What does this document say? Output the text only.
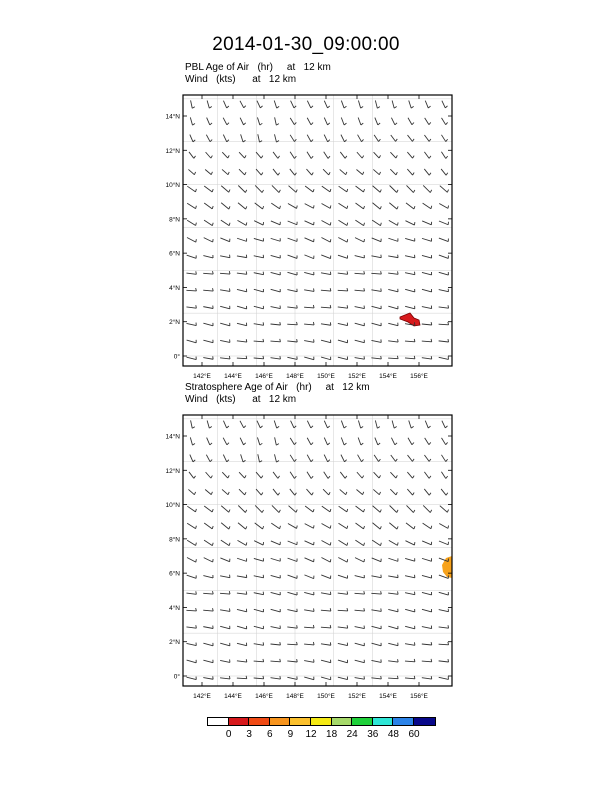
2014-01-30_09:00:00
PBL Age of Air   (hr)     at   12 km
Wind   (kts)      at   12 km
0°
2°N
4°N
6°N
8°N
10°N
12°N
14°N
142°E 144°E 146°E 148°E 150°E 152°E 154°E 156°E
Stratosphere Age of Air   (hr)     at   12 km
Wind   (kts)      at   12 km
0°
2°N
4°N
6°N
8°N
10°N
12°N
14°N
142°E 144°E 146°E 148°E 150°E 152°E 154°E 156°E
0 3 6 9 12 18 24 36 48 60
